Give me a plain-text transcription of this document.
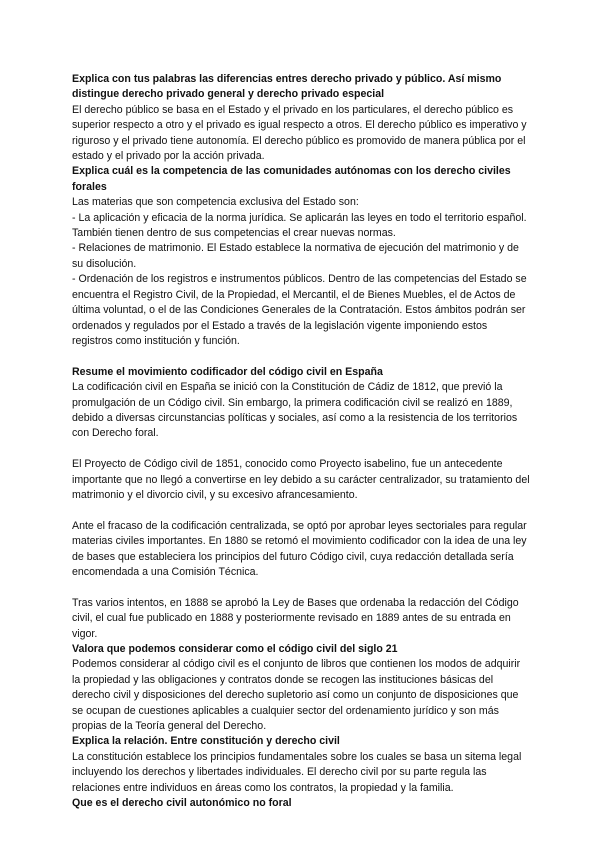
Explica con tus palabras las diferencias entres derecho privado y público. Así mismo distingue derecho privado general y derecho privado especial

El derecho público se basa en el Estado y el privado en los particulares, el derecho público es superior respecto a otro y el privado es igual respecto a otros. El derecho público es imperativo y riguroso y el privado tiene autonomía. El derecho público es promovido de manera pública por el estado y el privado por la acción privada.

Explica cuál es la competencia de las comunidades autónomas con los derecho civiles forales

Las materias que son competencia exclusiva del Estado son:

- La aplicación y eficacia de la norma jurídica. Se aplicarán las leyes en todo el territorio español. También tienen dentro de sus competencias el crear nuevas normas.

- Relaciones de matrimonio. El Estado establece la normativa de ejecución del matrimonio y de su disolución.

- Ordenación de los registros e instrumentos públicos. Dentro de las competencias del Estado se encuentra el Registro Civil, de la Propiedad, el Mercantil, el de Bienes Muebles, el de Actos de última voluntad, o el de las Condiciones Generales de la Contratación. Estos ámbitos podrán ser ordenados y regulados por el Estado a través de la legislación vigente imponiendo estos registros como institución y función.

Resume el movimiento codificador del código civil en España

La codificación civil en España se inició con la Constitución de Cádiz de 1812, que previó la promulgación de un Código civil. Sin embargo, la primera codificación civil se realizó en 1889, debido a diversas circunstancias políticas y sociales, así como a la resistencia de los territorios con Derecho foral.

El Proyecto de Código civil de 1851, conocido como Proyecto isabelino, fue un antecedente importante que no llegó a convertirse en ley debido a su carácter centralizador, su tratamiento del matrimonio y el divorcio civil, y su excesivo afrancesamiento.

Ante el fracaso de la codificación centralizada, se optó por aprobar leyes sectoriales para regular materias civiles importantes. En 1880 se retomó el movimiento codificador con la idea de una ley de bases que estableciera los principios del futuro Código civil, cuya redacción detallada sería encomendada a una Comisión Técnica.

Tras varios intentos, en 1888 se aprobó la Ley de Bases que ordenaba la redacción del Código civil, el cual fue publicado en 1888 y posteriormente revisado en 1889 antes de su entrada en vigor.

Valora que podemos considerar como el código civil del siglo 21

Podemos considerar al código civil es el conjunto de libros que contienen los modos de adquirir la propiedad y las obligaciones y contratos donde se recogen las instituciones básicas del derecho civil y disposiciones del derecho supletorio así como un conjunto de disposiciones que se ocupan de cuestiones aplicables a cualquier sector del ordenamiento jurídico y son más propias de la Teoría general del Derecho.

Explica la relación. Entre constitución y derecho civil

La constitución establece los principios fundamentales sobre los cuales se basa un sitema legal incluyendo los derechos y libertades individuales. El derecho civil por su parte regula las relaciones entre individuos en áreas como los contratos, la propiedad y la familia.

Que es el derecho civil autonómico no foral
